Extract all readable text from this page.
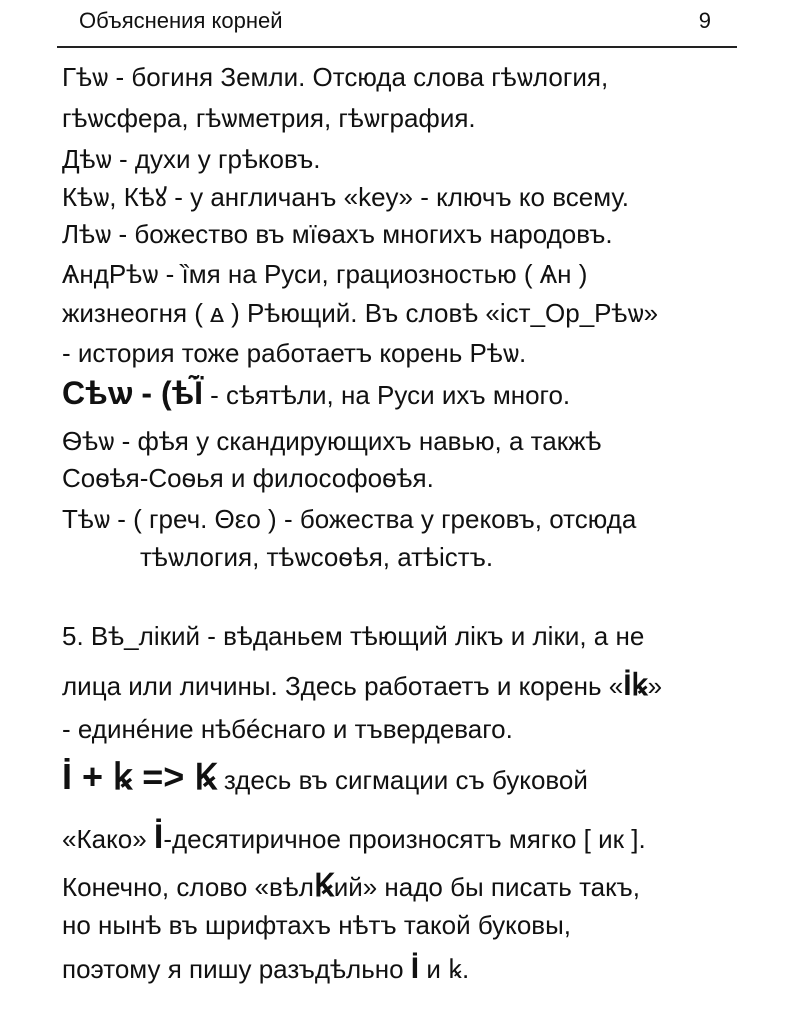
Объяснения корней	9
Гѣѡ - богиня Земли. Отсюда слова гѣѡлогия,
гѣѡсфера, гѣѡметрия, гѣѡграфия.
Дѣѡ - духи у грѣковъ.
Кѣѡ, Кѣꙋ - у англичанъ «key» - ключъ ко всему.
Лѣѡ - божество въ мїѳахъ многихъ народовъ.
ѦндРѣѡ - ȉмя на Руси, грациозностью ( Ѧн )
жизнеогня ( ꙙ ) Рѣющий. Въ словѣ «іст_Ор_Рѣѡ»
- история тоже работаетъ корень Рѣѡ.
Сѣѡ - (ѣЇ̃ - сѣятѣли, на Руси ихъ много.
Ѳѣѡ - фѣя у скандирующихъ навью, а такжѣ
Соѳѣя-Соѳья и философоѳѣя.
Тѣѡ - ( греч. Θεο ) - божества у грековъ, отсюда
тѣѡлогия, тѣѡсоѳѣя, атѣістъ.
5. Вѣ_лікий - вѣданьем тѣющий лікъ и ліки, а не
лица или личины. Здесь работаетъ и корень «İꝃ»
- единéние нѣбéснаго и тъвердеваго.
İ + ꝃ => Ꝃ здесь въ сигмации съ буковой
«Како» İ-десятиричное произносятъ мягко [ ик ].
Конечно, слово «вѣлꝂий» надо бы писать такъ,
но нынѣ въ шрифтахъ нѣтъ такой буковы,
поэтому я пишу разъдѣльно İ и ꝃ.
